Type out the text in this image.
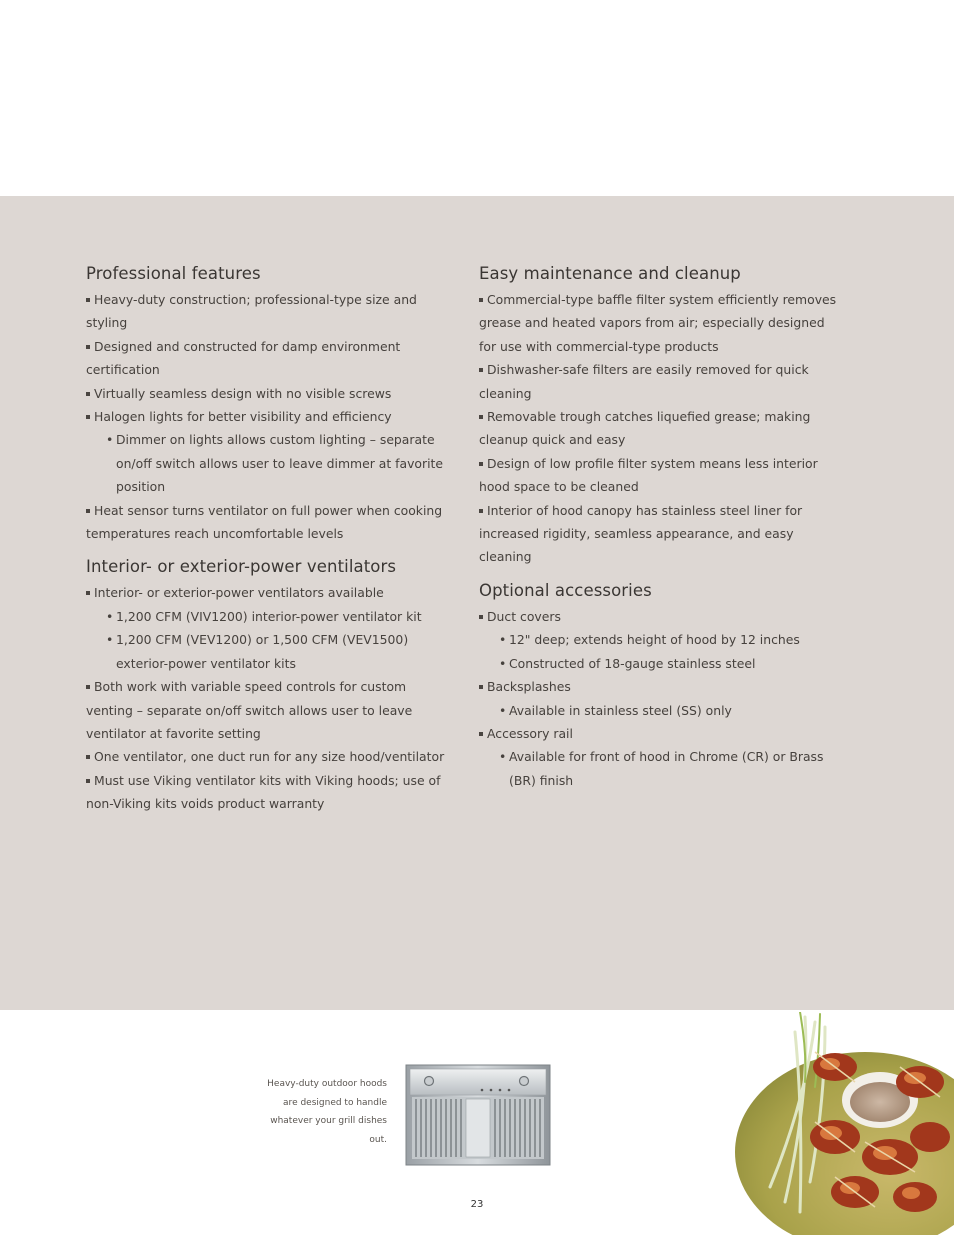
Professional features
Heavy-duty construction; professional-type size and styling
Designed and constructed for damp environment certification
Virtually seamless design with no visible screws
Halogen lights for better visibility and efficiency
• Dimmer on lights allows custom lighting – separate on/off switch allows user to leave dimmer at favorite position
Heat sensor turns ventilator on full power when cooking temperatures reach uncomfortable levels
Interior- or exterior-power ventilators
Interior- or exterior-power ventilators available
• 1,200 CFM (VIV1200) interior-power ventilator kit
• 1,200 CFM (VEV1200) or 1,500 CFM (VEV1500) exterior-power ventilator kits
Both work with variable speed controls for custom venting – separate on/off switch allows user to leave ventilator at favorite setting
One ventilator, one duct run for any size hood/ventilator
Must use Viking ventilator kits with Viking hoods; use of non-Viking kits voids product warranty
Easy maintenance and cleanup
Commercial-type baffle filter system efficiently removes grease and heated vapors from air; especially designed for use with commercial-type products
Dishwasher-safe filters are easily removed for quick cleaning
Removable trough catches liquefied grease; making cleanup quick and easy
Design of low profile filter system means less interior hood space to be cleaned
Interior of hood canopy has stainless steel liner for increased rigidity, seamless appearance, and easy cleaning
Optional accessories
Duct covers
• 12" deep; extends height of hood by 12 inches
• Constructed of 18-gauge stainless steel
Backsplashes
• Available in stainless steel (SS) only
Accessory rail
• Available for front of hood in Chrome (CR) or Brass (BR) finish
Heavy-duty outdoor hoods are designed to handle whatever your grill dishes out.
23
